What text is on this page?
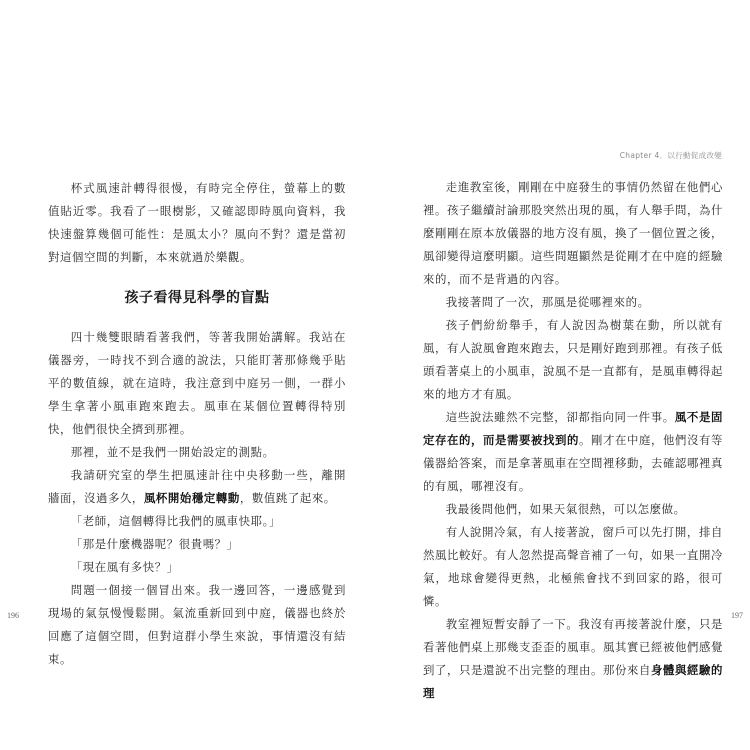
杯式風速計轉得很慢，有時完全停住，螢幕上的數值貼近零。我看了一眼樹影，又確認即時風向資料，我快速盤算幾個可能性：是風太小？風向不對？還是當初對這個空間的判斷，本來就過於樂觀。

孩子看得見科學的盲點

四十幾雙眼睛看著我們，等著我開始講解。我站在儀器旁，一時找不到合適的說法，只能盯著那條幾乎貼平的數值線，就在這時，我注意到中庭另一側，一群小學生拿著小風車跑來跑去。風車在某個位置轉得特別快，他們很快全擠到那裡。

那裡，並不是我們一開始設定的測點。

我請研究室的學生把風速計往中央移動一些，離開牆面，沒過多久，風杯開始穩定轉動，數值跳了起來。

「老師，這個轉得比我們的風車快耶。」

「那是什麼機器呢？很貴嗎？」

「現在風有多快？」

問題一個接一個冒出來。我一邊回答，一邊感覺到現場的氣氛慢慢鬆開。氣流重新回到中庭，儀器也終於回應了這個空間，但對這群小學生來說，事情還沒有結束。

196
Chapter 4．以行動促成改變

走進教室後，剛剛在中庭發生的事情仍然留在他們心裡。孩子繼續討論那股突然出現的風，有人舉手問，為什麼剛剛在原本放儀器的地方沒有風，換了一個位置之後，風卻變得這麼明顯。這些問題顯然是從剛才在中庭的經驗來的，而不是背過的內容。

我接著問了一次，那風是從哪裡來的。

孩子們紛紛舉手，有人說因為樹葉在動，所以就有風，有人說風會跑來跑去，只是剛好跑到那裡。有孩子低頭看著桌上的小風車，說風不是一直都有，是風車轉得起來的地方才有風。

這些說法雖然不完整，卻都指向同一件事。風不是固定存在的，而是需要被找到的。剛才在中庭，他們沒有等儀器給答案，而是拿著風車在空間裡移動，去確認哪裡真的有風，哪裡沒有。

我最後問他們，如果天氣很熱，可以怎麼做。

有人說開冷氣，有人接著說，窗戶可以先打開，排自然風比較好。有人忽然提高聲音補了一句，如果一直開冷氣，地球會變得更熱，北極熊會找不到回家的路，很可憐。

教室裡短暫安靜了一下。我沒有再接著說什麼，只是看著他們桌上那幾支歪歪的風車。風其實已經被他們感覺到了，只是還說不出完整的理由。那份來自身體與經驗的理

197
